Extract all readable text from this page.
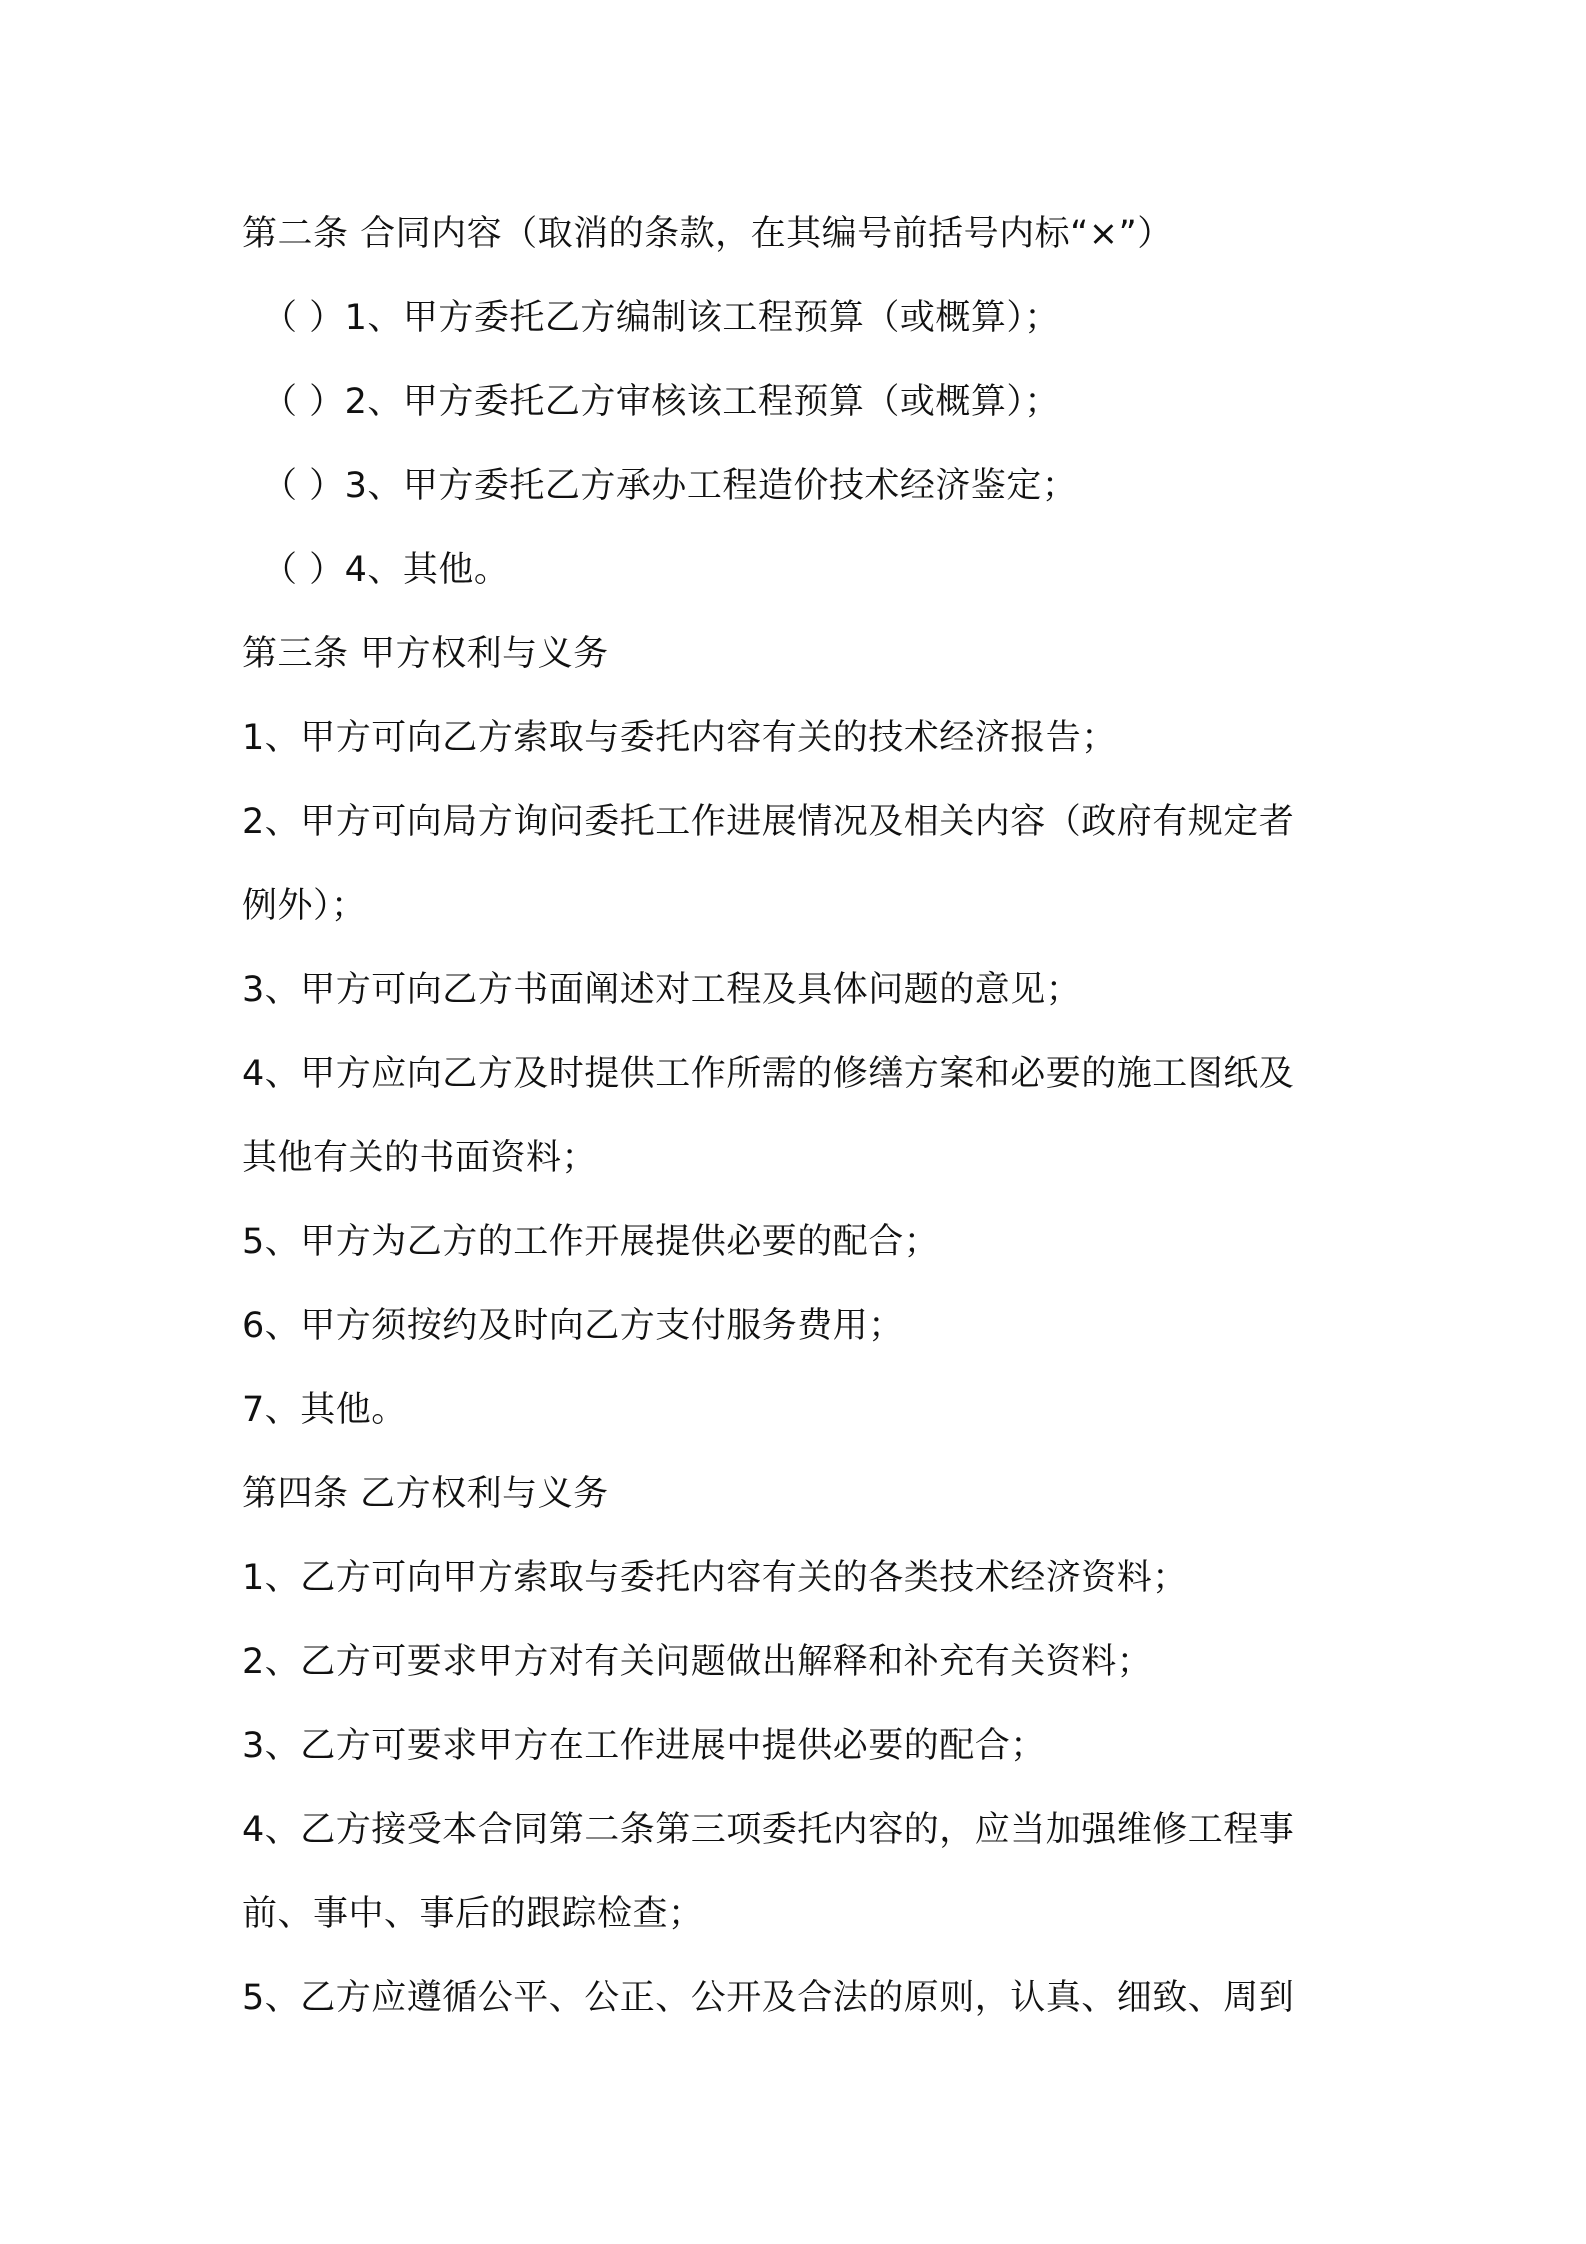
第二条 合同内容（取消的条款，在其编号前括号内标“×”）
（ ）1、甲方委托乙方编制该工程预算（或概算）；
（ ）2、甲方委托乙方审核该工程预算（或概算）；
（ ）3、甲方委托乙方承办工程造价技术经济鉴定；
（ ）4、其他。
第三条 甲方权利与义务
1、甲方可向乙方索取与委托内容有关的技术经济报告；
2、甲方可向局方询问委托工作进展情况及相关内容（政府有规定者
例外）；
3、甲方可向乙方书面阐述对工程及具体问题的意见；
4、甲方应向乙方及时提供工作所需的修缮方案和必要的施工图纸及
其他有关的书面资料；
5、甲方为乙方的工作开展提供必要的配合；
6、甲方须按约及时向乙方支付服务费用；
7、其他。
第四条 乙方权利与义务
1、乙方可向甲方索取与委托内容有关的各类技术经济资料；
2、乙方可要求甲方对有关问题做出解释和补充有关资料；
3、乙方可要求甲方在工作进展中提供必要的配合；
4、乙方接受本合同第二条第三项委托内容的，应当加强维修工程事
前、事中、事后的跟踪检查；
5、乙方应遵循公平、公正、公开及合法的原则，认真、细致、周到
